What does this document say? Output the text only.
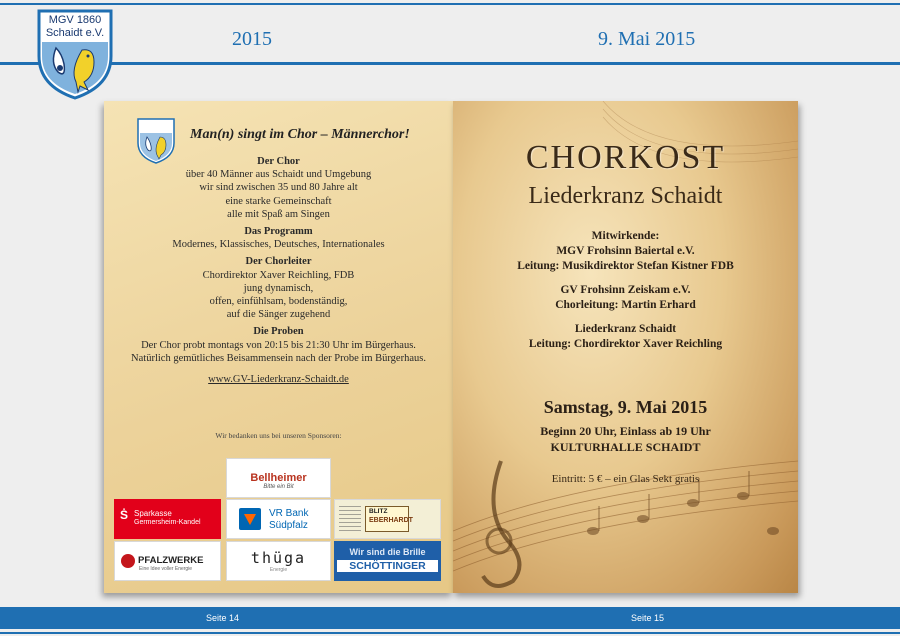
MGV 1860
Schaidt e.V.	2015	9. Mai 2015
Man(n) singt im Chor – Männerchor!
Der Chor
über 40 Männer aus Schaidt und Umgebung
wir sind zwischen 35 und 80 Jahre alt
eine starke Gemeinschaft
alle mit Spaß am Singen
Das Programm
Modernes, Klassisches, Deutsches, Internationales
Der Chorleiter
Chordirektor Xaver Reichling, FDB
jung dynamisch,
offen, einfühlsam, bodenständig,
auf die Sänger zugehend
Die Proben
Der Chor probt montags von 20:15 bis 21:30 Uhr im Bürgerhaus.
Natürlich gemütliches Beisammensein nach der Probe im Bürgerhaus.
www.GV-Liederkranz-Schaidt.de
Wir bedanken uns bei unseren Sponsoren:
Bellheimer
Bitte ein Bit
Ṡ Sparkasse
Germersheim-Kandel
VR Bank
Südpfalz
BLITZ
EBERHARDT
PFALZWERKE
Eine Idee voller Energie
thüga
Energie
Wir sind die Brille
SCHÖTTINGER
CHORKOST
Liederkranz Schaidt
Mitwirkende:
MGV Frohsinn Baiertal e.V.
Leitung: Musikdirektor Stefan Kistner FDB
GV Frohsinn Zeiskam e.V.
Chorleitung: Martin Erhard
Liederkranz Schaidt
Leitung: Chordirektor Xaver Reichling
Samstag, 9. Mai 2015
Beginn 20 Uhr, Einlass ab 19 Uhr
KULTURHALLE SCHAIDT
Eintritt: 5 € – ein Glas Sekt gratis
Seite 14	Seite 15
